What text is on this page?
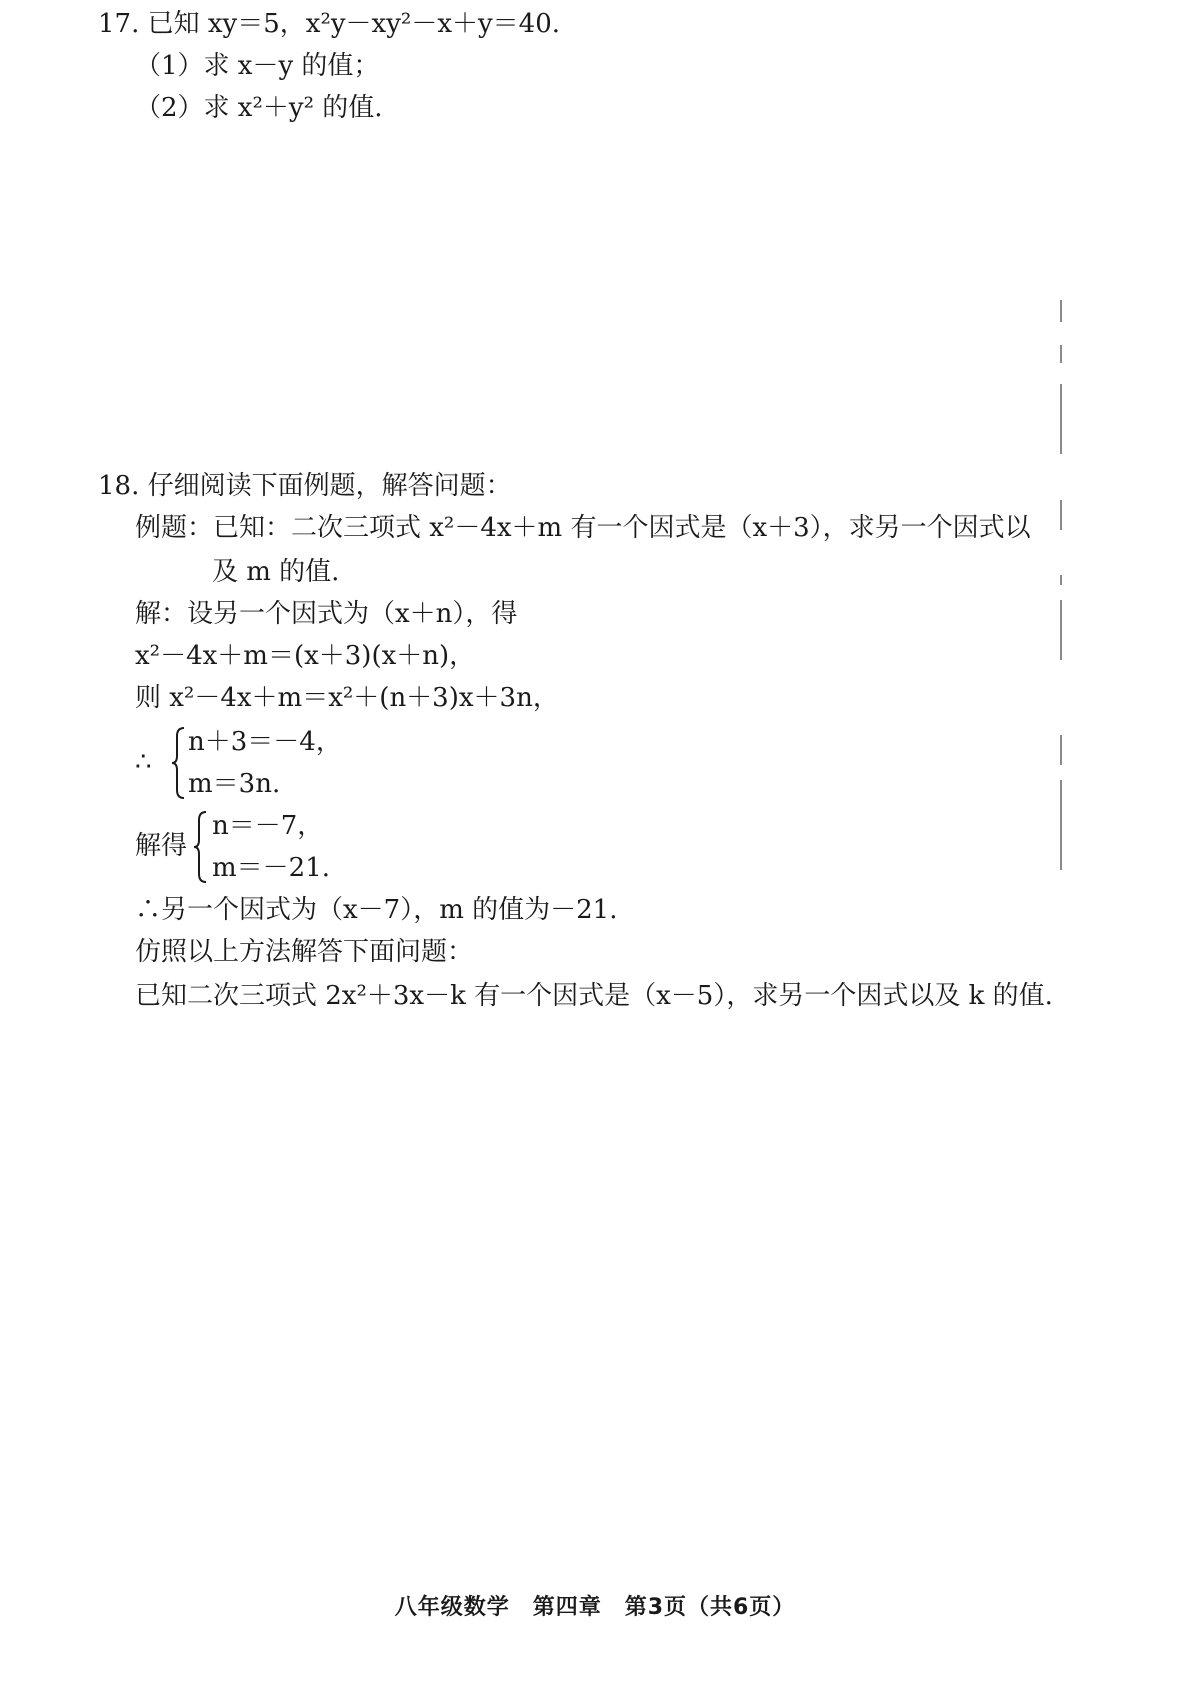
17. 已知 xy＝5，x²y－xy²－x＋y＝40.
（1）求 x－y 的值；
（2）求 x²＋y² 的值.
18. 仔细阅读下面例题，解答问题：
例题：已知：二次三项式 x²－4x＋m 有一个因式是（x＋3），求另一个因式以
及 m 的值.
解：设另一个因式为（x＋n），得
x²－4x＋m＝(x＋3)(x＋n)，
则 x²－4x＋m＝x²＋(n＋3)x＋3n，
∴
n＋3＝－4，
m＝3n.
解得
n＝－7，
m＝－21.
∴另一个因式为（x－7），m 的值为－21.
仿照以上方法解答下面问题：
已知二次三项式 2x²＋3x－k 有一个因式是（x－5），求另一个因式以及 k 的值.
八年级数学　第四章　第3页（共6页）
